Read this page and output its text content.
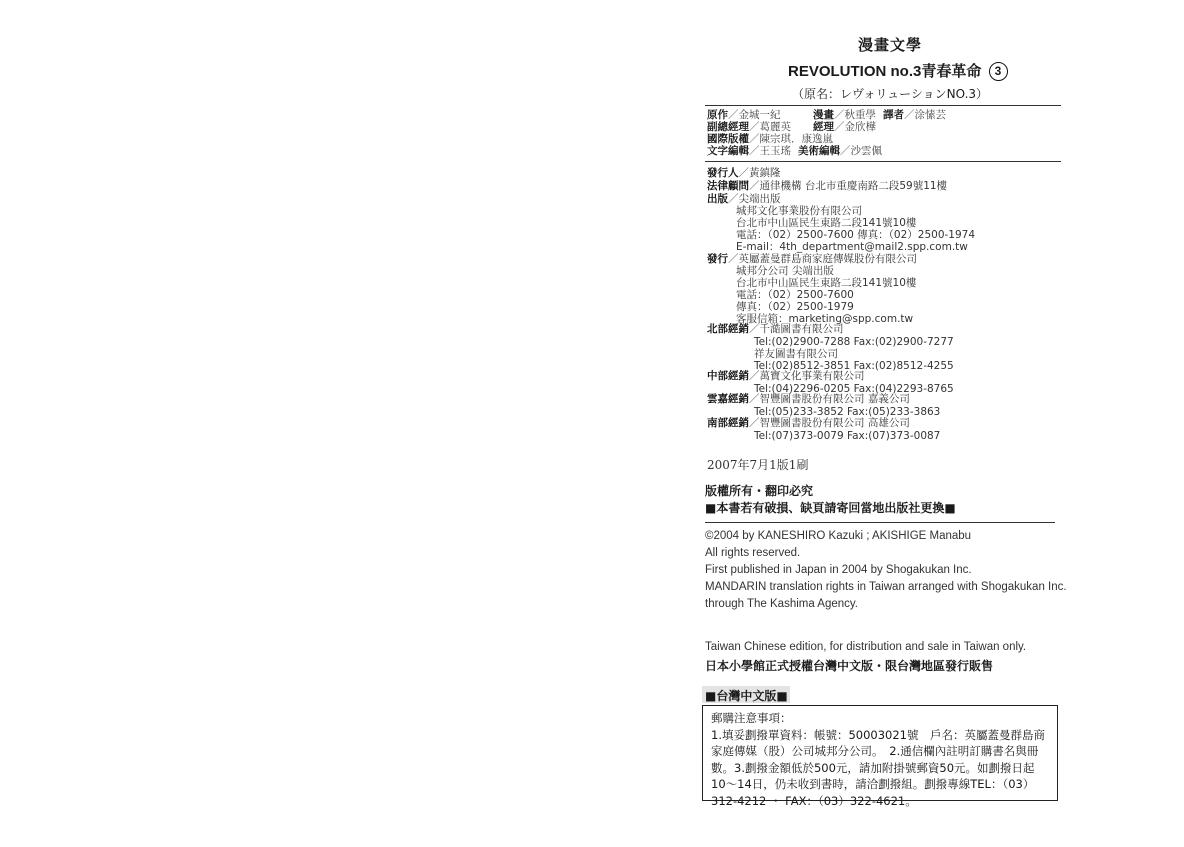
漫畫文學
REVOLUTION no.3青春革命 3
（原名：レヴォリューションNO.3）
原作／金城一紀	漫畫／秋重學 譯者／涂愫芸
副總經理／葛麗英 經理／金欣樺
國際版權／陳宗琪．康逸嵐
文字編輯／王玉瑤 美術編輯／沙雲佩
發行人／黃鎮隆
法律顧問／通律機構 台北市重慶南路二段59號11樓
出版／尖端出版
城邦文化事業股份有限公司
台北市中山區民生東路二段141號10樓
電話：（02）2500-7600 傳真：（02）2500-1974
E-mail：4th_department@mail2.spp.com.tw
發行／英屬蓋曼群島商家庭傳媒股份有限公司
城邦分公司 尖端出版
台北市中山區民生東路二段141號10樓
電話：（02）2500-7600
傳真：（02）2500-1979
客服信箱：marketing@spp.com.tw
北部經銷／千澔圖書有限公司
Tel:(02)2900-7288 Fax:(02)2900-7277
祥友圖書有限公司
Tel:(02)8512-3851 Fax:(02)8512-4255
中部經銷／萬寶文化事業有限公司
Tel:(04)2296-0205 Fax:(04)2293-8765
雲嘉經銷／智豐圖書股份有限公司 嘉義公司
Tel:(05)233-3852 Fax:(05)233-3863
南部經銷／智豐圖書股份有限公司 高雄公司
Tel:(07)373-0079 Fax:(07)373-0087
2007年7月1版1刷
版權所有・翻印必究
■本書若有破損、缺頁請寄回當地出版社更換■
©2004 by KANESHIRO Kazuki ; AKISHIGE Manabu
All rights reserved.
First published in Japan in 2004 by Shogakukan Inc.
MANDARIN translation rights in Taiwan arranged with Shogakukan Inc.
through The Kashima Agency.
Taiwan Chinese edition, for distribution and sale in Taiwan only.
日本小學館正式授權台灣中文版・限台灣地區發行販售
■台灣中文版■
郵購注意事項：
1.填妥劃撥單資料：帳號：50003021號　戶名：英屬蓋曼群島商
家庭傳媒（股）公司城邦分公司。　2.通信欄內註明訂購書名與冊
數。3.劃撥金額低於500元，請加附掛號郵資50元。如劃撥日起
10～14日，仍未收到書時，請洽劃撥組。劃撥專線TEL：（03）
312-4212 ・ FAX：（03）322-4621。
